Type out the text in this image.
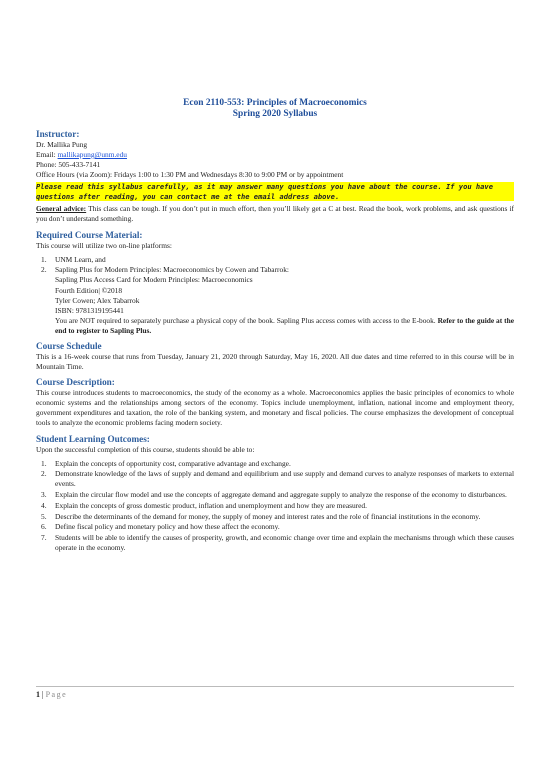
Econ 2110-553: Principles of Macroeconomics
Spring 2020 Syllabus
Instructor:
Dr. Mallika Pung
Email: mallikapung@unm.edu
Phone: 505-433-7141
Office Hours (via Zoom): Fridays 1:00 to 1:30 PM and Wednesdays 8:30 to 9:00 PM or by appointment
Please read this syllabus carefully, as it may answer many questions you have about the course. If you have questions after reading, you can contact me at the email address above.

General advice: This class can be tough. If you don’t put in much effort, then you’ll likely get a C at best. Read the book, work problems, and ask questions if you don’t understand something.

Required Course Material:

This course will utilize two on-line platforms:

1. UNM Learn, and
2. Sapling Plus for Modern Principles: Macroeconomics by Cowen and Tabarrok:
Sapling Plus Access Card for Modern Principles: Macroeconomics
Fourth Edition| ©2018
Tyler Cowen; Alex Tabarrok
ISBN: 9781319195441
You are NOT required to separately purchase a physical copy of the book. Sapling Plus access comes with access to the E-book. Refer to the guide at the end to register to Sapling Plus.
Course Schedule

This is a 16-week course that runs from Tuesday, January 21, 2020 through Saturday, May 16, 2020. All due dates and time referred to in this course will be in Mountain Time.

Course Description:

This course introduces students to macroeconomics, the study of the economy as a whole. Macroeconomics applies the basic principles of economics to whole economic systems and the relationships among sectors of the economy. Topics include unemployment, inflation, national income and employment theory, government expenditures and taxation, the role of the banking system, and monetary and fiscal policies. The course emphasizes the development of conceptual tools to analyze the economic problems facing modern society.

Student Learning Outcomes:

Upon the successful completion of this course, students should be able to:

1. Explain the concepts of opportunity cost, comparative advantage and exchange.
2. Demonstrate knowledge of the laws of supply and demand and equilibrium and use supply and demand curves to analyze responses of markets to external events.
3. Explain the circular flow model and use the concepts of aggregate demand and aggregate supply to analyze the response of the economy to disturbances.
4. Explain the concepts of gross domestic product, inflation and unemployment and how they are measured.
5. Describe the determinants of the demand for money, the supply of money and interest rates and the role of financial institutions in the economy.
6. Define fiscal policy and monetary policy and how these affect the economy.
7. Students will be able to identify the causes of prosperity, growth, and economic change over time and explain the mechanisms through which these causes operate in the economy.
1 | Page
